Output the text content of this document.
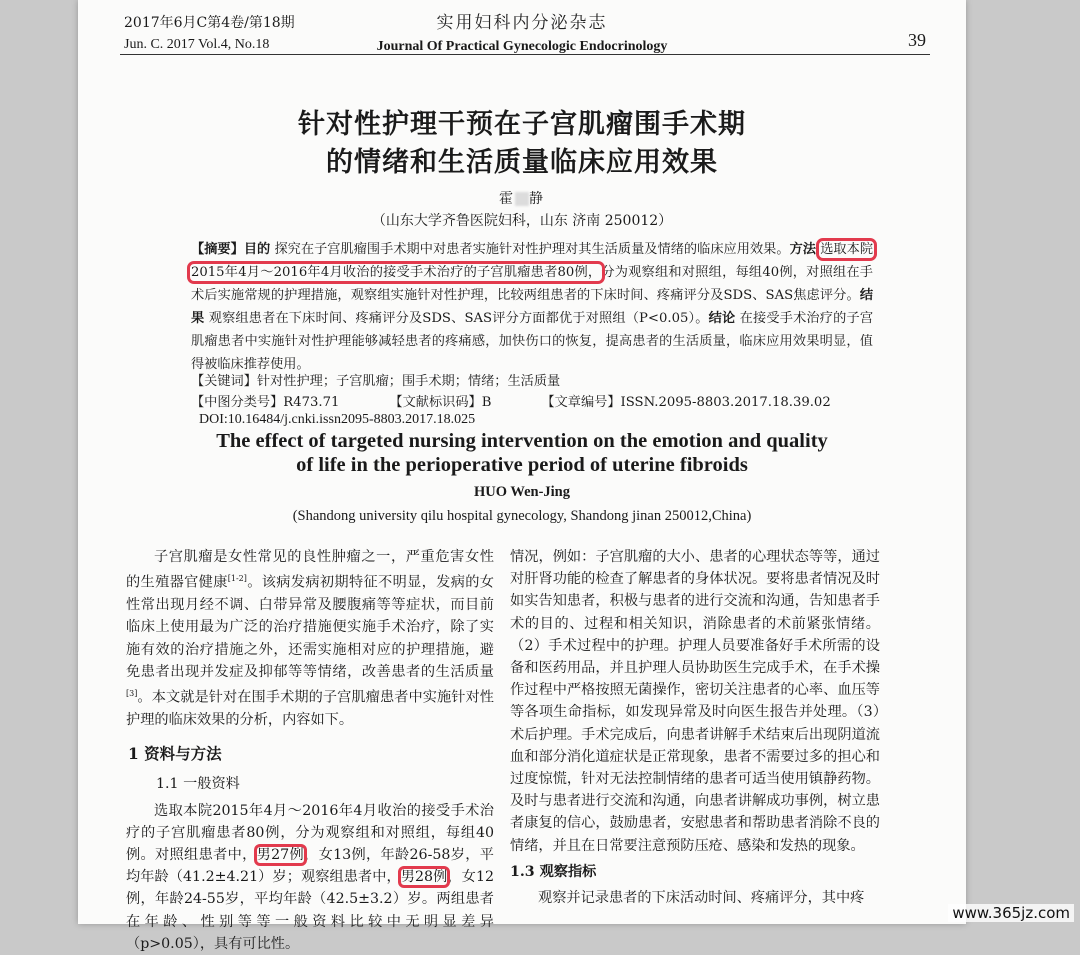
2017年6月C第4卷/第18期
Jun. C. 2017 Vol.4, No.18
实用妇科内分泌杂志
Journal Of Practical Gynecologic Endocrinology	39
针对性护理干预在子宫肌瘤围手术期
的情绪和生活质量临床应用效果
霍 静
（山东大学齐鲁医院妇科，山东 济南 250012）
【摘要】目的 探究在子宫肌瘤围手术期中对患者实施针对性护理对其生活质量及情绪的临床应用效果。方法 选取本院2015年4月～2016年4月收治的接受手术治疗的子宫肌瘤患者80例，分为观察组和对照组，每组40例，对照组在手术后实施常规的护理措施，观察组实施针对性护理，比较两组患者的下床时间、疼痛评分及SDS、SAS焦虑评分。结果 观察组患者在下床时间、疼痛评分及SDS、SAS评分方面都优于对照组（P<0.05）。结论 在接受手术治疗的子宫肌瘤患者中实施针对性护理能够减轻患者的疼痛感，加快伤口的恢复，提高患者的生活质量，临床应用效果明显，值得被临床推荐使用。
【关键词】针对性护理；子宫肌瘤；围手术期；情绪；生活质量
【中图分类号】R473.71	【文献标识码】B	【文章编号】ISSN.2095-8803.2017.18.39.02
DOI:10.16484/j.cnki.issn2095-8803.2017.18.025
The effect of targeted nursing intervention on the emotion and quality
of life in the perioperative period of uterine fibroids
HUO Wen-Jing
(Shandong university qilu hospital gynecology, Shandong jinan 250012,China)

子宫肌瘤是女性常见的良性肿瘤之一，严重危害女性的生殖器官健康[1-2]。该病发病初期特征不明显，发病的女性常出现月经不调、白带异常及腰腹痛等等症状，而目前临床上使用最为广泛的治疗措施便实施手术治疗，除了实施有效的治疗措施之外，还需实施相对应的护理措施，避免患者出现并发症及抑郁等等情绪，改善患者的生活质量[3]。本文就是针对在围手术期的子宫肌瘤患者中实施针对性护理的临床效果的分析，内容如下。

1 资料与方法
1.1 一般资料

选取本院2015年4月～2016年4月收治的接受手术治疗的子宫肌瘤患者80例，分为观察组和对照组，每组40例。对照组患者中，男27例，女13例，年龄26-58岁，平均年龄（41.2±4.21）岁；观察组患者中，男28例，女12例，年龄24-55岁，平均年龄（42.5±3.2）岁。两组患者在年龄、性别等等一般资料比较中无明显差异（p>0.05），具有可比性。

情况，例如：子宫肌瘤的大小、患者的心理状态等等，通过对肝肾功能的检查了解患者的身体状况。要将患者情况及时如实告知患者，积极与患者的进行交流和沟通，告知患者手术的目的、过程和相关知识，消除患者的术前紧张情绪。（2）手术过程中的护理。护理人员要准备好手术所需的设备和医药用品，并且护理人员协助医生完成手术，在手术操作过程中严格按照无菌操作，密切关注患者的心率、血压等等各项生命指标，如发现异常及时向医生报告并处理。（3）术后护理。手术完成后，向患者讲解手术结束后出现阴道流血和部分消化道症状是正常现象，患者不需要过多的担心和过度惊慌，针对无法控制情绪的患者可适当使用镇静药物。及时与患者进行交流和沟通，向患者讲解成功事例，树立患者康复的信心，鼓励患者，安慰患者和帮助患者消除不良的情绪，并且在日常要注意预防压疮、感染和发热的现象。

1.3 观察指标

观察并记录患者的下床活动时间、疼痛评分，其中疼

www.365jz.com
